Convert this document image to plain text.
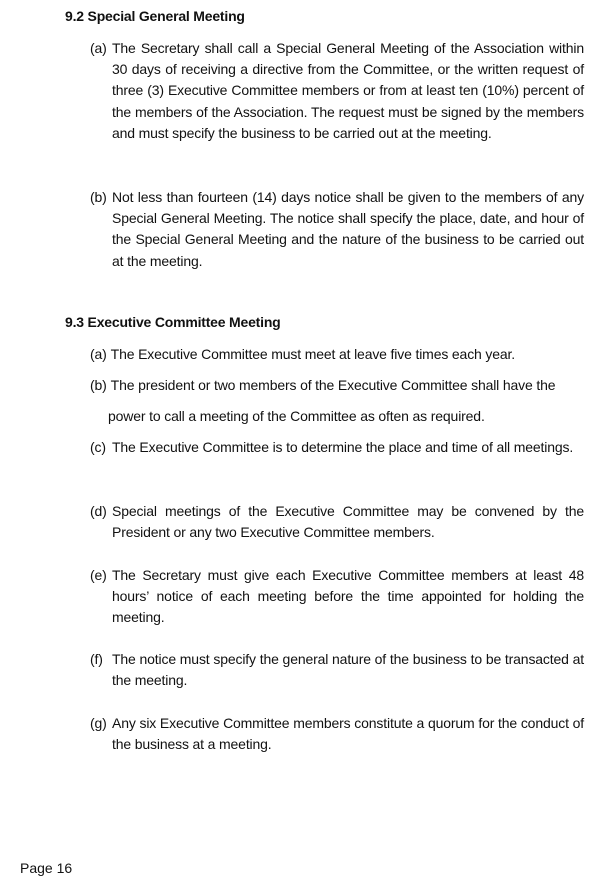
9.2 Special General Meeting
(a) The Secretary shall call a Special General Meeting of the Association within 30 days of receiving a directive from the Committee, or the written request of three (3) Executive Committee members or from at least ten (10%) percent of the members of the Association. The request must be signed by the members and must specify the business to be carried out at the meeting.
(b) Not less than fourteen (14) days notice shall be given to the members of any Special General Meeting. The notice shall specify the place, date, and hour of the Special General Meeting and the nature of the business to be carried out at the meeting.
9.3 Executive Committee Meeting

(a) The Executive Committee must meet at leave five times each year.

(b) The president or two members of the Executive Committee shall have the

power to call a meeting of the Committee as often as required.

(c) The Executive Committee is to determine the place and time of all meetings.
(d) Special meetings of the Executive Committee may be convened by the President or any two Executive Committee members.
(e) The Secretary must give each Executive Committee members at least 48 hours’ notice of each meeting before the time appointed for holding the meeting.
(f) The notice must specify the general nature of the business to be transacted at the meeting.
(g) Any six Executive Committee members constitute a quorum for the conduct of the business at a meeting.

Page 16
